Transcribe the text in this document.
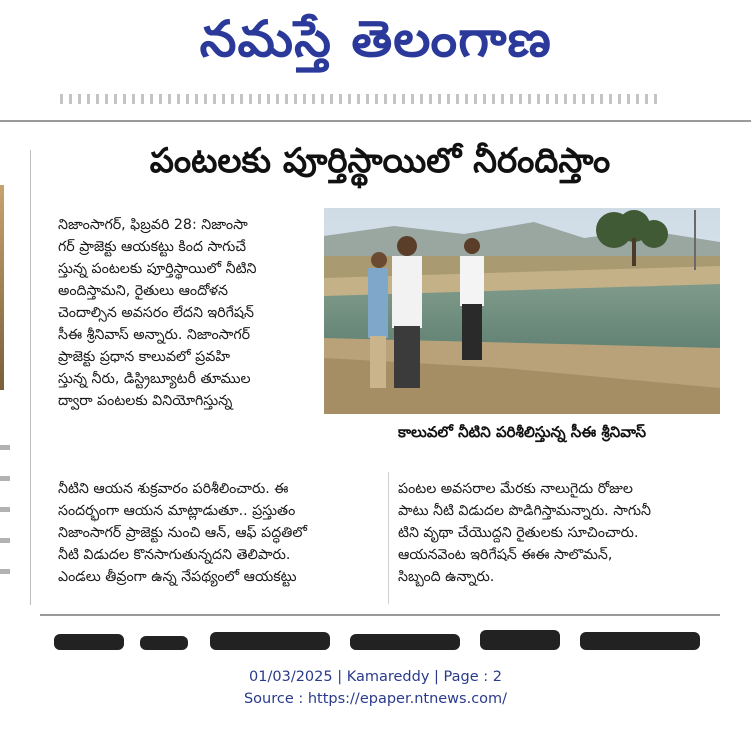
నమస్తే తెలంగాణ
పంటలకు పూర్తిస్థాయిలో నీరందిస్తాం

నిజాంసాగర్, ఫిబ్రవరి 28: నిజాంసా

గర్ ప్రాజెక్టు ఆయకట్టు కింద సాగుచే

స్తున్న పంటలకు పూర్తిస్థాయిలో నీటిని

అందిస్తామని, రైతులు ఆందోళన

చెందాల్సిన అవసరం లేదని ఇరిగేషన్

సీఈ శ్రీనివాస్ అన్నారు. నిజాంసాగర్

ప్రాజెక్టు ప్రధాన కాలువలో ప్రవహి

స్తున్న నీరు, డిస్ట్రిబ్యూటరీ తూముల

ద్వారా పంటలకు వినియోగిస్తున్న

కాలువలో నీటిని పరిశీలిస్తున్న సీఈ శ్రీనివాస్

నీటిని ఆయన శుక్రవారం పరిశీలించారు. ఈ

సందర్భంగా ఆయన మాట్లాడుతూ.. ప్రస్తుతం

నిజాంసాగర్ ప్రాజెక్టు నుంచి ఆన్, ఆఫ్ పద్ధతిలో

నీటి విడుదల కొనసాగుతున్నదని తెలిపారు.

ఎండలు తీవ్రంగా ఉన్న నేపథ్యంలో ఆయకట్టు

పంటల అవసరాల మేరకు నాలుగైదు రోజుల

పాటు నీటి విడుదల పొడిగిస్తామన్నారు. సాగునీ

టిని వృథా చేయొద్దని రైతులకు సూచించారు.

ఆయనవెంట ఇరిగేషన్ ఈఈ సాలొమన్,

సిబ్బంది ఉన్నారు.

01/03/2025 | Kamareddy | Page : 2
Source : https://epaper.ntnews.com/
